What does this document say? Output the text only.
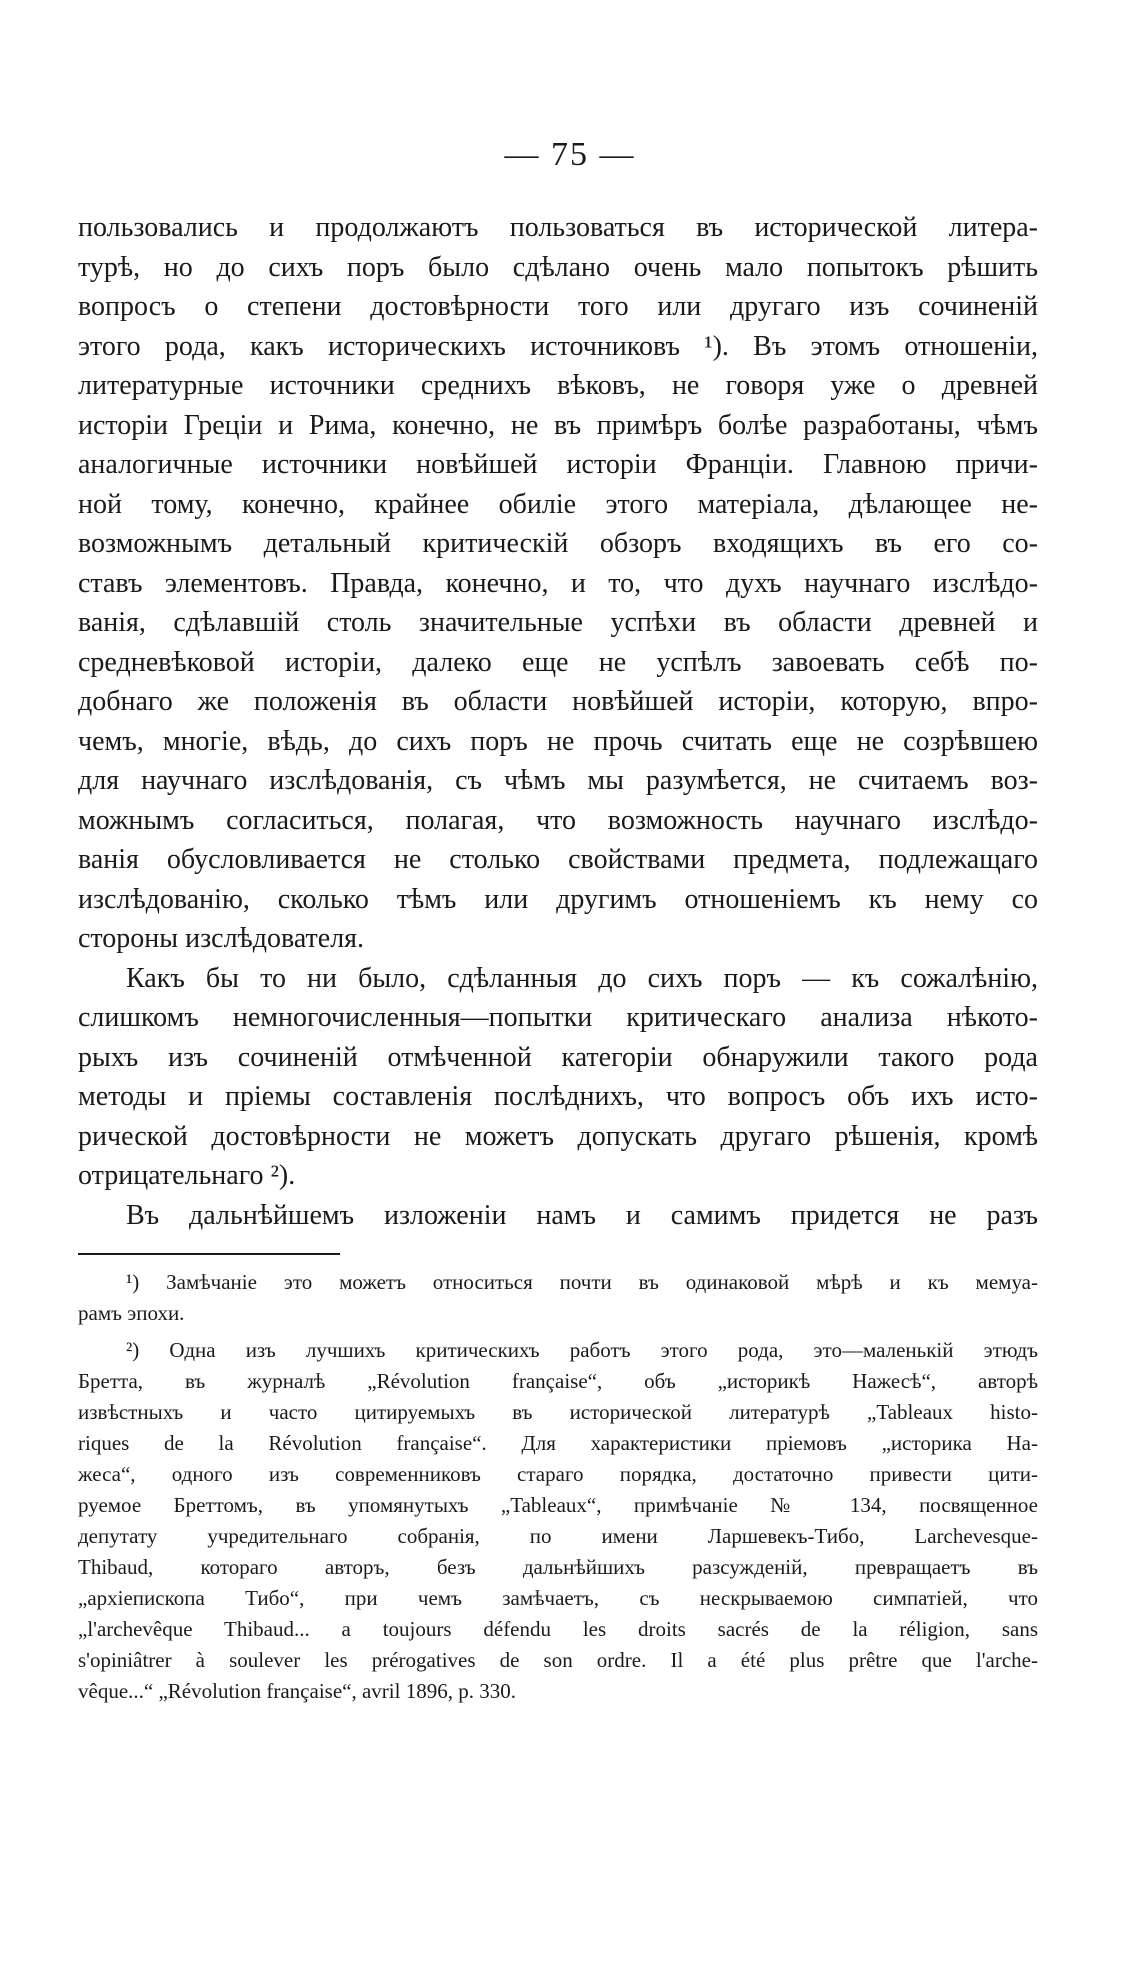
— 75 —

пользовались и продолжаютъ пользоваться въ исторической литера-
турѣ, но до сихъ поръ было сдѣлано очень мало попытокъ рѣшить
вопросъ о степени достовѣрности того или другаго изъ сочиненій
этого рода, какъ историческихъ источниковъ ¹). Въ этомъ отношеніи,
литературные источники среднихъ вѣковъ, не говоря уже о древней
исторіи Греціи и Рима, конечно, не въ примѣръ болѣе разработаны, чѣмъ
аналогичные источники новѣйшей исторіи Франціи. Главною причи-
ной тому, конечно, крайнее обиліе этого матеріала, дѣлающее не-
возможнымъ детальный критическій обзоръ входящихъ въ его со-
ставъ элементовъ. Правда, конечно, и то, что духъ научнаго изслѣдо-
ванія, сдѣлавшій столь значительные успѣхи въ области древней и
средневѣковой исторіи, далеко еще не успѣлъ завоевать себѣ по-
добнаго же положенія въ области новѣйшей исторіи, которую, впро-
чемъ, многіе, вѣдь, до сихъ поръ не прочь считать еще не созрѣвшею
для научнаго изслѣдованія, съ чѣмъ мы разумѣется, не считаемъ воз-
можнымъ согласиться, полагая, что возможность научнаго изслѣдо-
ванія обусловливается не столько свойствами предмета, подлежащаго
изслѣдованію, сколько тѣмъ или другимъ отношеніемъ къ нему со
стороны изслѣдователя.

Какъ бы то ни было, сдѣланныя до сихъ поръ — къ сожалѣнію,
слишкомъ немногочисленныя—попытки критическаго анализа нѣкото-
рыхъ изъ сочиненій отмѣченной категоріи обнаружили такого рода
методы и пріемы составленія послѣднихъ, что вопросъ объ ихъ исто-
рической достовѣрности не можетъ допускать другаго рѣшенія, кромѣ
отрицательнаго ²).

Въ дальнѣйшемъ изложеніи намъ и самимъ придется не разъ

¹) Замѣчаніе это можетъ относиться почти въ одинаковой мѣрѣ и къ мемуа-
рамъ эпохи.
²) Одна изъ лучшихъ критическихъ работъ этого рода, это—маленькій этюдъ
Бретта, въ журналѣ „Révolution française“, объ „историкѣ Нажесѣ“, авторѣ
извѣстныхъ и часто цитируемыхъ въ исторической литературѣ „Tableaux histo-
riques de la Révolution française“. Для характеристики пріемовъ „историка На-
жеса“, одного изъ современниковъ стараго порядка, достаточно привести цити-
руемое Бреттомъ, въ упомянутыхъ „Tableaux“, примѣчаніе № 134, посвященное
депутату учредительнаго собранія, по имени Ларшевекъ-Тибо, Larchevesque-
Thibaud, котораго авторъ, безъ дальнѣйшихъ разсужденій, превращаетъ въ
„архіепископа Тибо“, при чемъ замѣчаетъ, съ нескрываемою симпатіей, что
„l'archevêque Thibaud... a toujours défendu les droits sacrés de la réligion, sans
s'opiniâtrer à soulever les prérogatives de son ordre. Il a été plus prêtre que l'arche-
vêque...“ „Révolution française“, avril 1896, p. 330.
